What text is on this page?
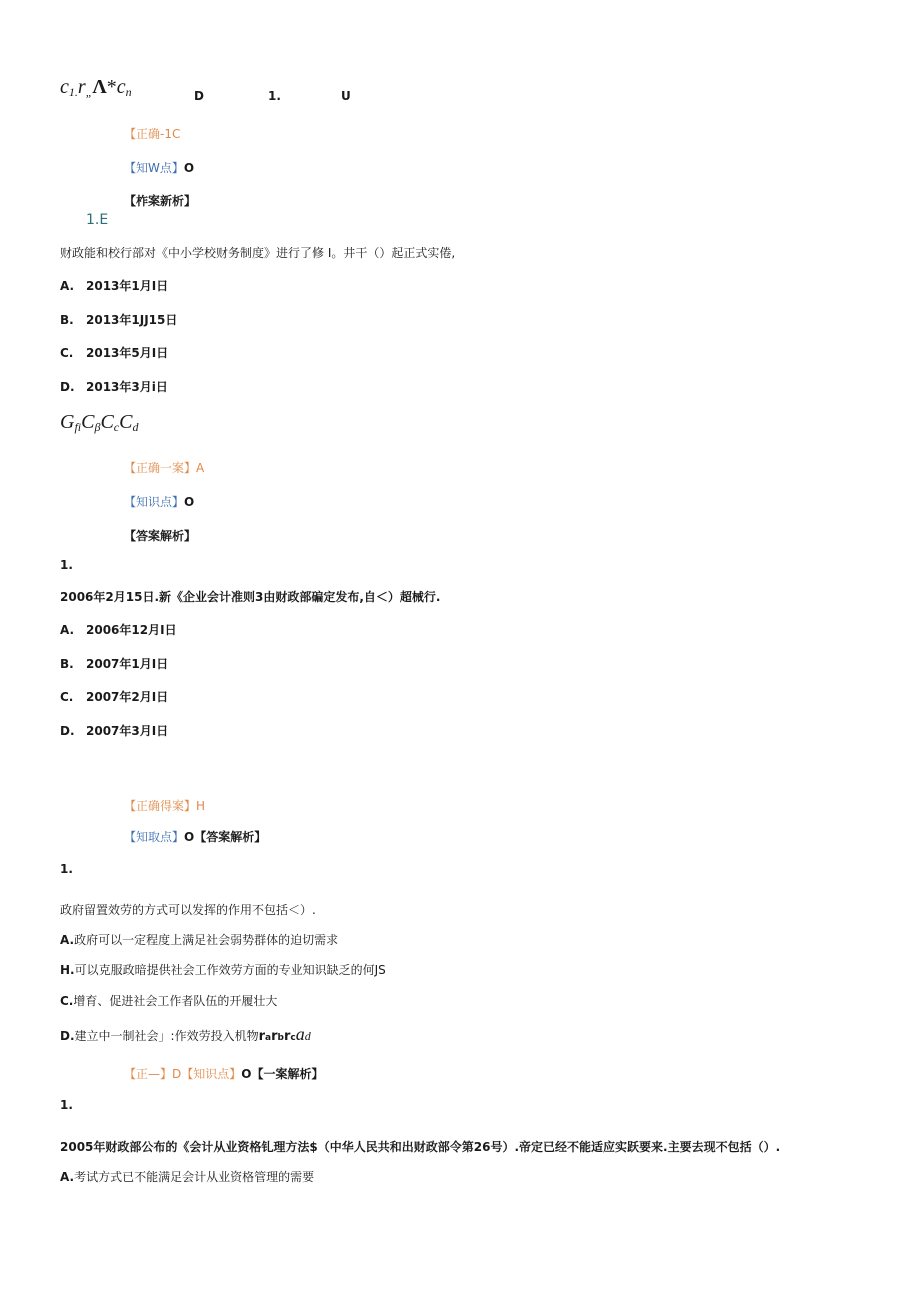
$c_{1.}r_„\Lambda*c_n$	D	1.	U
【正确-1C
【知W点】O
【柞案新析】
1.E
财政能和校行部对《中小学校财务制度》进行了修 I。井干（）起正式实倦,
A. 2013年1月I日
B. 2013年1JJ15日
C. 2013年5月I日
D. 2013年3月i日
$G_{fi}C_\beta C_cC_d$
【正确一案】A
【知识点】O
【答案解析】
1.
2006年2月15日.新《企业会计准则3由财政部碥定发布,自＜）超械行.
A. 2006年12月I日
B. 2007年1月I日
C. 2007年2月I日
D. 2007年3月I日
【正确得案】H
【知取点】O【答案解析】
1.
政府留置效劳的方式可以发挥的作用不包括＜）.
A.政府可以一定程度上满足社会弱势群体的迫切需求
H.可以克服政暗提供社会工作效劳方面的专业知识缺乏的何JS
C.增育、促进社会工作者队伍的开履壮大
D.建立中一制社会」:作效劳投入机物rarbrcad
【正—】D【知识点】O【一案解析】
1.
2005年财政部公布的《会计从业资格钆理方法$（中华人民共和出财政部令第26号）.帝定已经不能适应实跃要来.主要去现不包括（）.
A.考试方式已不能满足会计从业资格管理的需要
